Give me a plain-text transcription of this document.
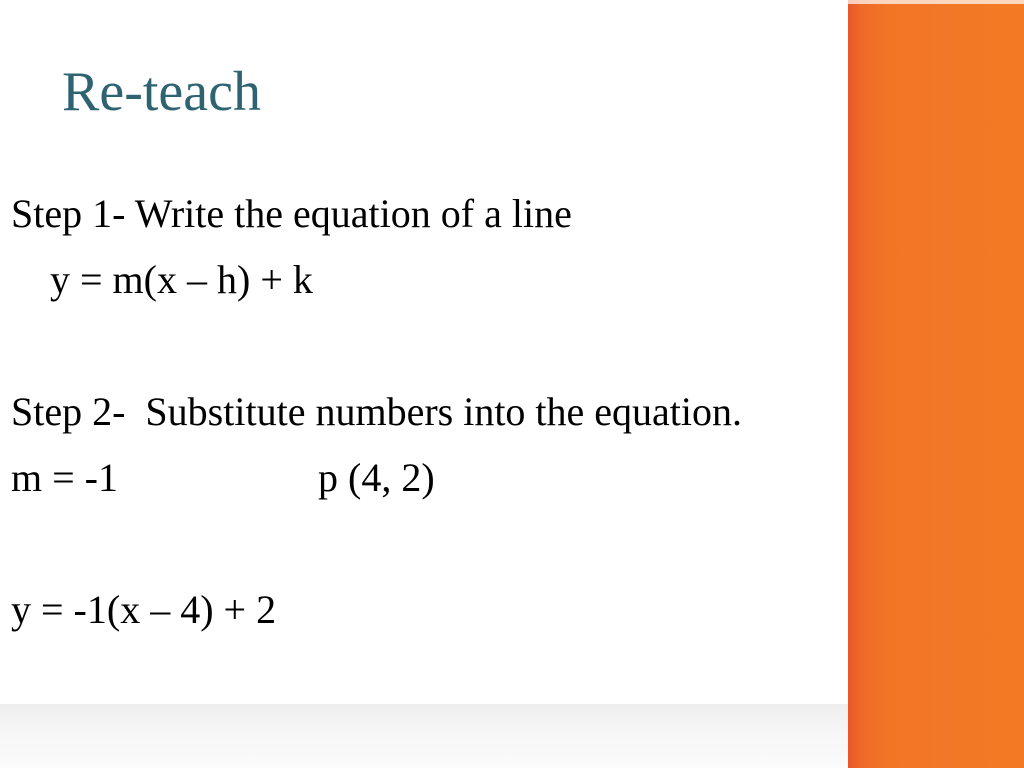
Re-teach

Step 1- Write the equation of a line

y = m(x – h) + k

Step 2-  Substitute numbers into the equation.

m = -1	p (4, 2)

y = -1(x – 4) + 2
